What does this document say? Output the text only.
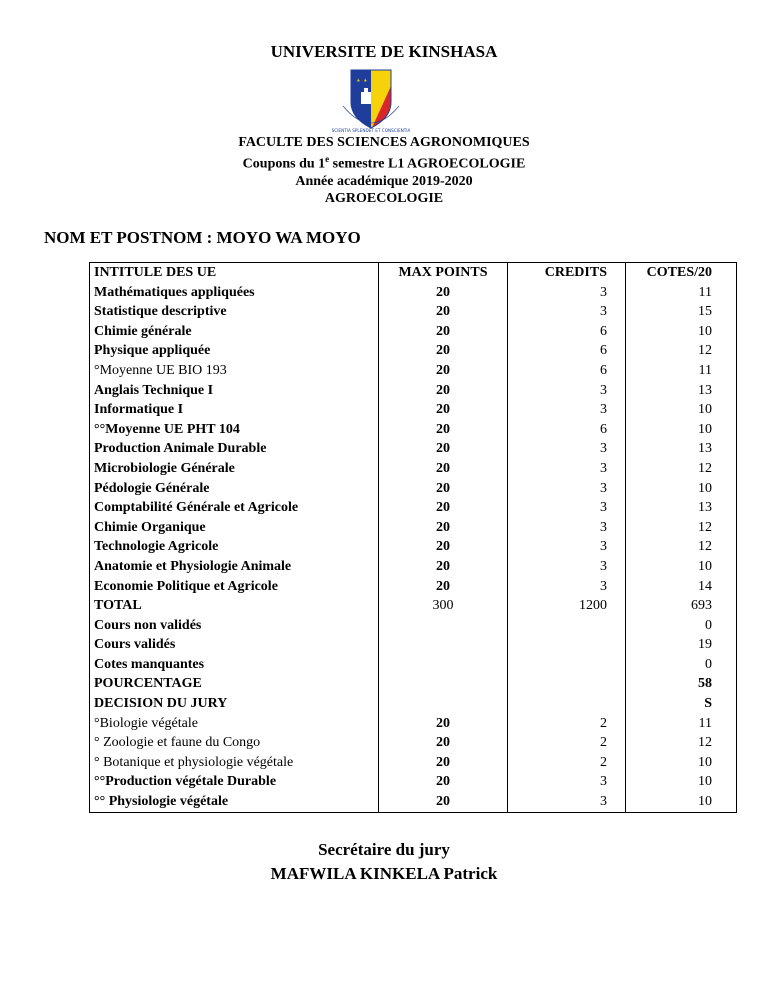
UNIVERSITE DE KINSHASA
SCIENTIA SPLENDET ET CONSCIENTIA
FACULTE DES SCIENCES AGRONOMIQUES
Coupons du 1e semestre L1 AGROECOLOGIE
Année académique 2019-2020
AGROECOLOGIE
NOM ET POSTNOM : MOYO WA MOYO
INTITULE DES UE	MAX POINTS	CREDITS	COTES/20
Mathématiques appliquées	20	3	11
Statistique descriptive	20	3	15
Chimie générale	20	6	10
Physique appliquée	20	6	12
°Moyenne UE BIO 193	20	6	11
Anglais Technique I	20	3	13
Informatique I	20	3	10
°°Moyenne UE PHT 104	20	6	10
Production Animale Durable	20	3	13
Microbiologie Générale	20	3	12
Pédologie Générale	20	3	10
Comptabilité Générale et Agricole	20	3	13
Chimie Organique	20	3	12
Technologie Agricole	20	3	12
Anatomie et Physiologie Animale	20	3	10
Economie Politique et Agricole	20	3	14
TOTAL	300	1200	693
Cours non validés			0
Cours validés			19
Cotes manquantes			0
POURCENTAGE			58
DECISION DU JURY			S
°Biologie végétale	20	2	11
° Zoologie et faune du Congo	20	2	12
° Botanique et physiologie végétale	20	2	10
°°Production végétale Durable	20	3	10
°° Physiologie végétale	20	3	10
Secrétaire du jury
MAFWILA KINKELA Patrick
